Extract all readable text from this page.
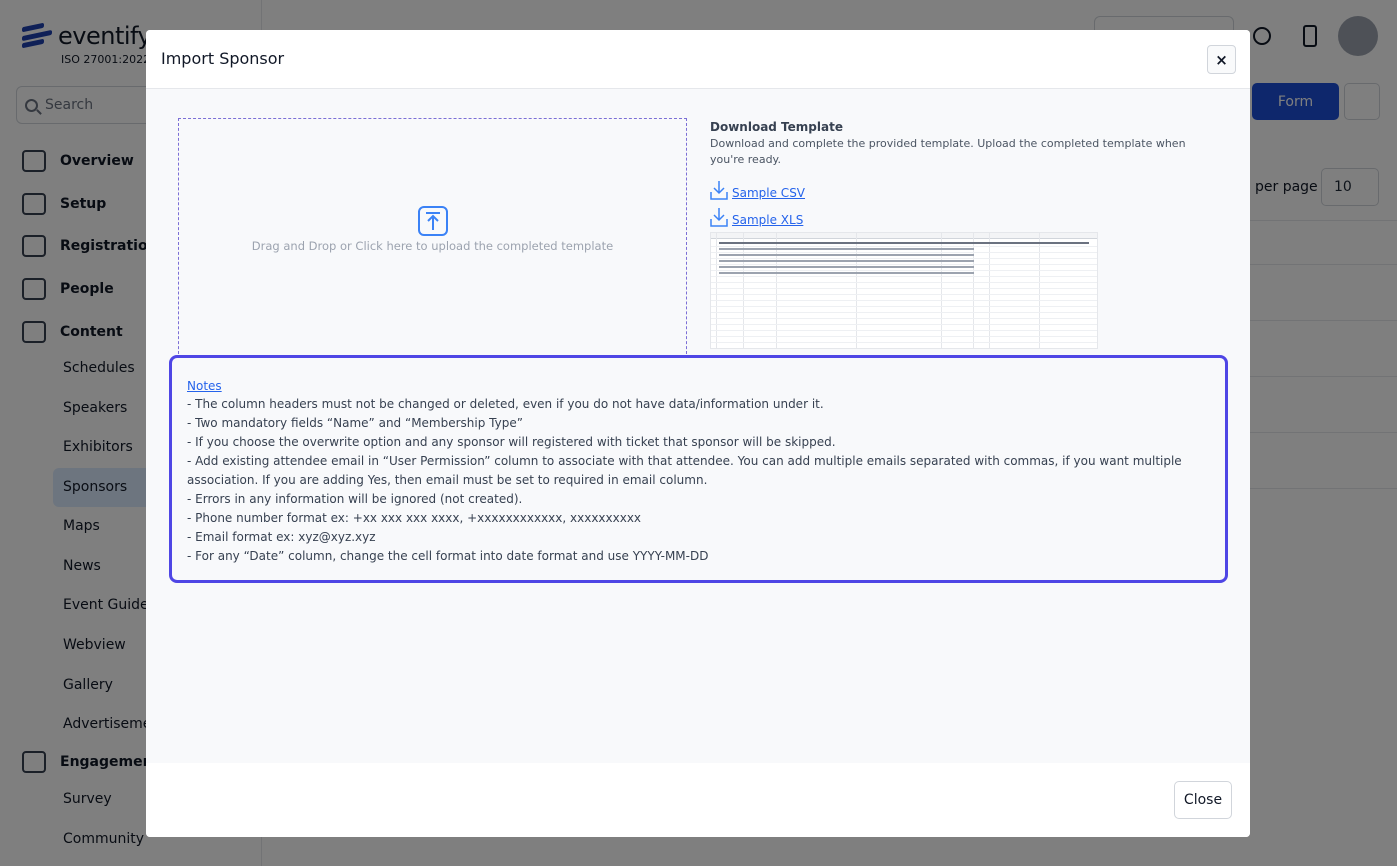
Import Sponsor	×
Drag and Drop or Click here to upload the completed template
Download Template
Download and complete the provided template. Upload the completed template when you're ready.
Sample CSV
Sample XLS
Notes
- The column headers must not be changed or deleted, even if you do not have data/information under it.
- Two mandatory fields “Name” and “Membership Type”
- If you choose the overwrite option and any sponsor will registered with ticket that sponsor will be skipped.
- Add existing attendee email in “User Permission” column to associate with that attendee. You can add multiple emails separated with commas, if you want multiple association. If you are adding Yes, then email must be set to required in email column.
- Errors in any information will be ignored (not created).
- Phone number format ex: +xx xxx xxx xxxx, +xxxxxxxxxxxx, xxxxxxxxxx
- Email format ex: xyz@xyz.xyz
- For any “Date” column, change the cell format into date format and use YYYY-MM-DD
Close
